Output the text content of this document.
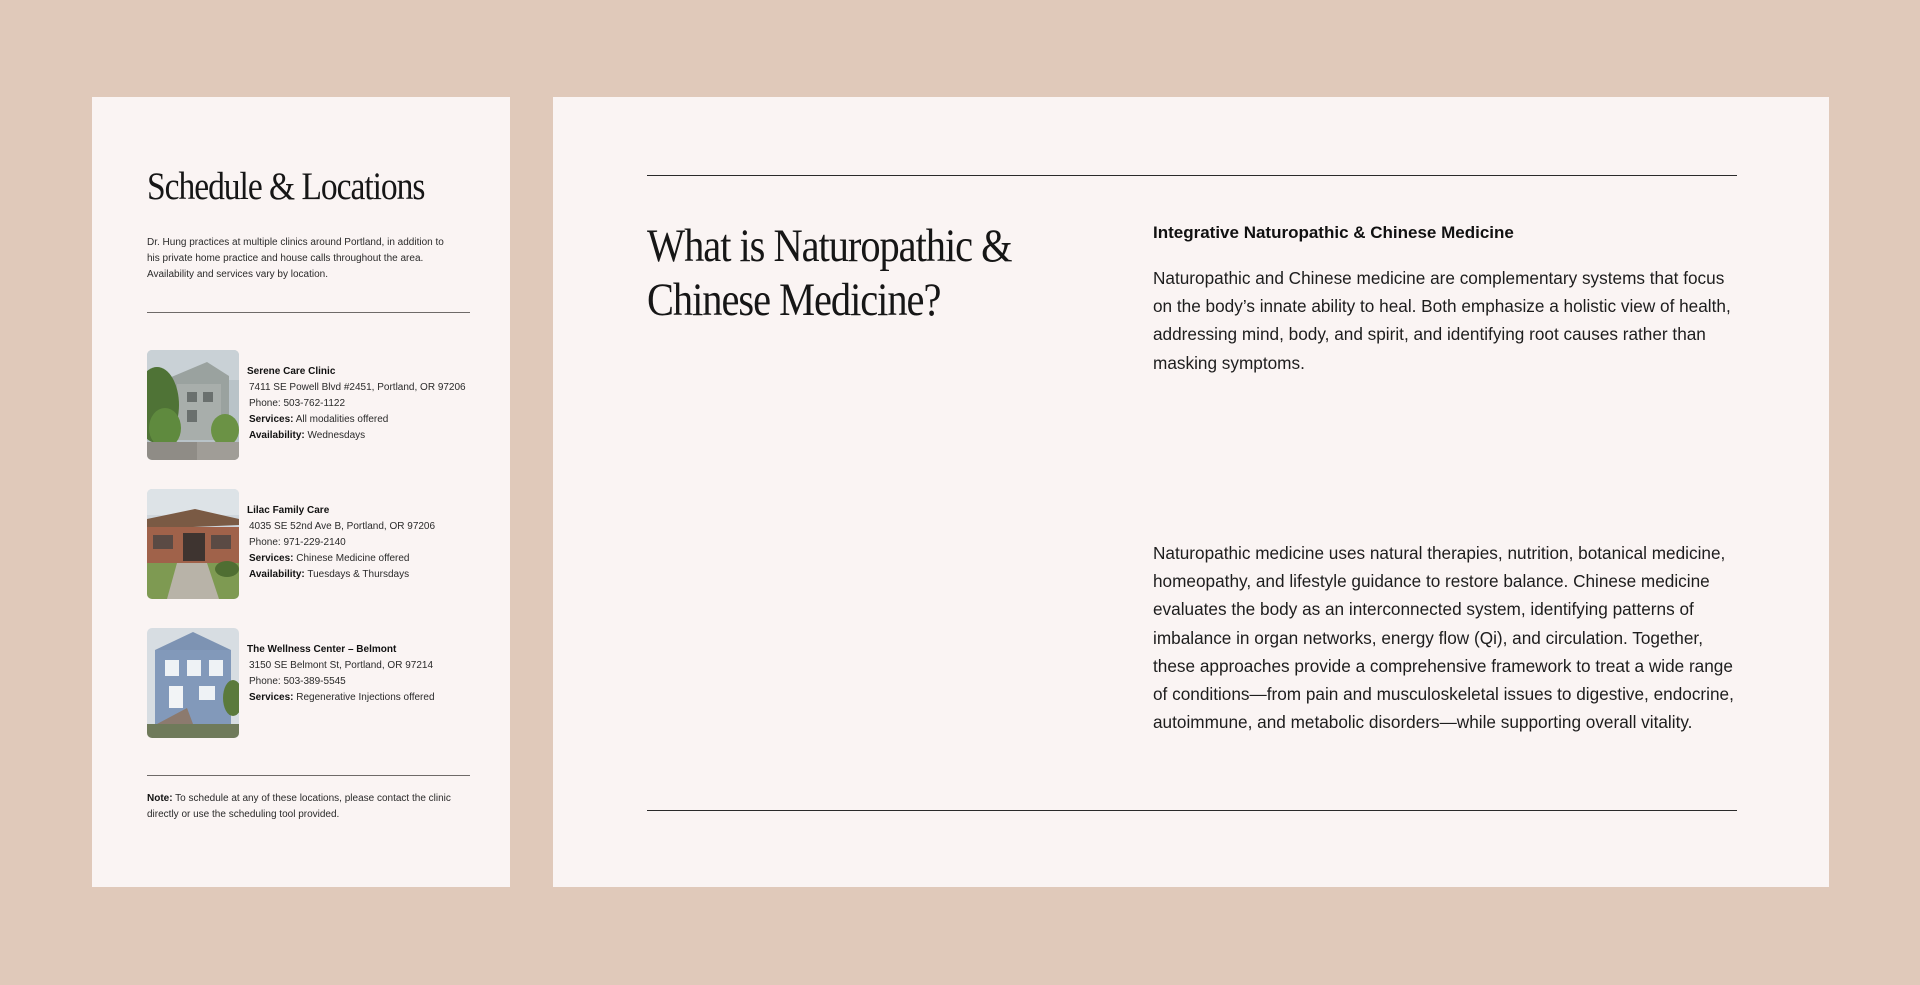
Schedule & Locations

Dr. Hung practices at multiple clinics around Portland, in addition to his private home practice and house calls throughout the area. Availability and services vary by location.

Serene Care Clinic
7411 SE Powell Blvd #2451, Portland, OR 97206
Phone: 503-762-1122
Services: All modalities offered
Availability: Wednesdays
Lilac Family Care
4035 SE 52nd Ave B, Portland, OR 97206
Phone: 971-229-2140
Services: Chinese Medicine offered
Availability: Tuesdays & Thursdays
The Wellness Center – Belmont
3150 SE Belmont St, Portland, OR 97214
Phone: 503-389-5545
Services: Regenerative Injections offered

Note: To schedule at any of these locations, please contact the clinic directly or use the scheduling tool provided.

What is Naturopathic &
Chinese Medicine?

Integrative Naturopathic & Chinese Medicine

Naturopathic and Chinese medicine are complementary systems that focus on the body’s innate ability to heal. Both emphasize a holistic view of health, addressing mind, body, and spirit, and identifying root causes rather than masking symptoms.

Naturopathic medicine uses natural therapies, nutrition, botanical medicine, homeopathy, and lifestyle guidance to restore balance. Chinese medicine evaluates the body as an interconnected system, identifying patterns of imbalance in organ networks, energy flow (Qi), and circulation. Together, these approaches provide a comprehensive framework to treat a wide range of conditions—from pain and musculoskeletal issues to digestive, endocrine, autoimmune, and metabolic disorders—while supporting overall vitality.
